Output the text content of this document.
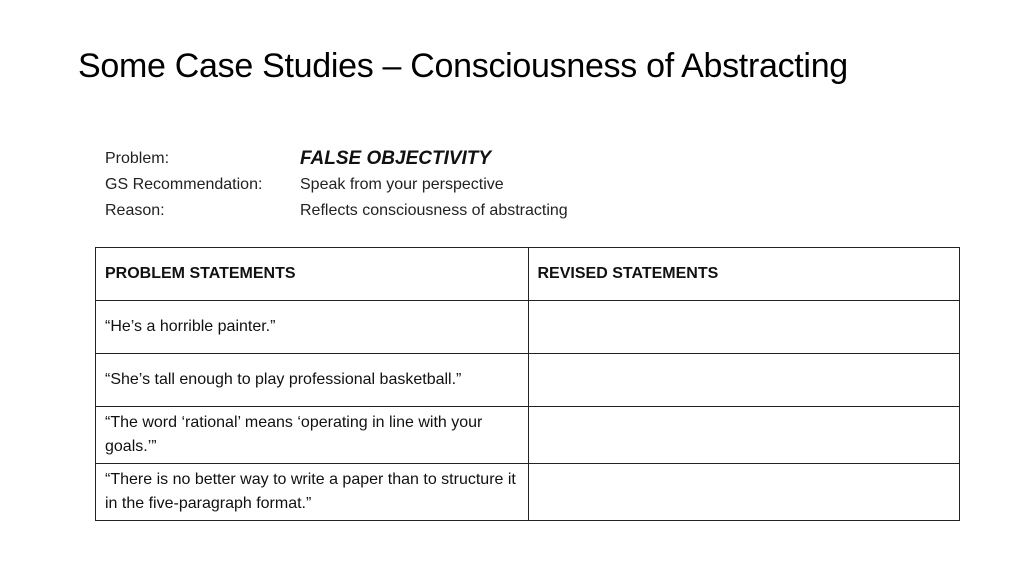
Some Case Studies – Consciousness of Abstracting
Problem:	FALSE OBJECTIVITY
GS Recommendation:	Speak from your perspective
Reason:	Reflects consciousness of abstracting
PROBLEM STATEMENTS	REVISED STATEMENTS
“He’s a horrible painter.”	
“She’s tall enough to play professional basketball.”	
“The word ‘rational’ means ‘operating in line with your goals.’”	
“There is no better way to write a paper than to structure it in the five-paragraph format.”	
